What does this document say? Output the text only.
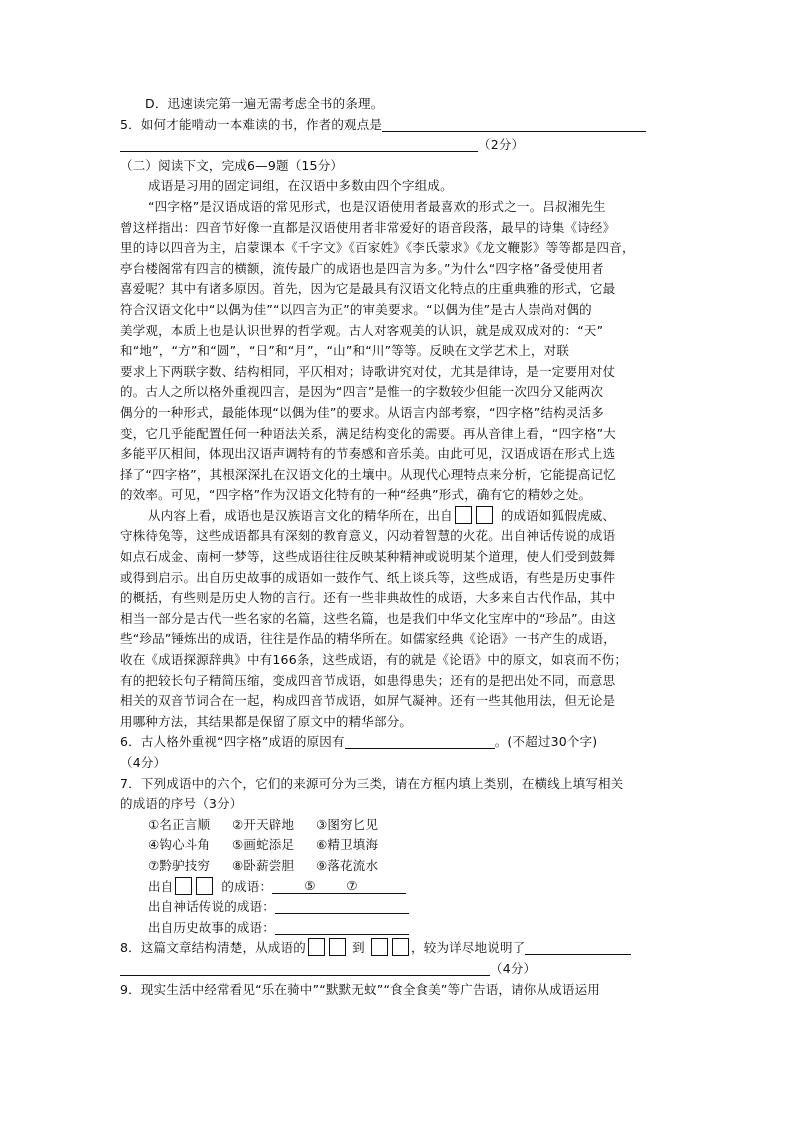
D．迅速读完第一遍无需考虑全书的条理。
5．如何才能啃动一本难读的书，作者的观点是
（2分）
（二）阅读下文，完成6—9题（15分）
成语是习用的固定词组，在汉语中多数由四个字组成。
“四字格”是汉语成语的常见形式，也是汉语使用者最喜欢的形式之一。吕叔湘先生
曾这样指出：四音节好像一直都是汉语使用者非常爱好的语音段落，最早的诗集《诗经》
里的诗以四音为主，启蒙课本《千字文》《百家姓》《李氏蒙求》《龙文鞭影》等等都是四音，
亭台楼阁常有四言的横额，流传最广的成语也是四言为多。”为什么“四字格”备受使用者
喜爱呢？其中有诸多原因。首先，因为它是最具有汉语文化特点的庄重典雅的形式，它最
符合汉语文化中“以偶为佳”“以四言为正”的审美要求。“以偶为佳”是古人崇尚对偶的
美学观，本质上也是认识世界的哲学观。古人对客观美的认识，就是成双成对的：“天”
和“地”，“方”和“圆”，“日”和“月”，“山”和“川”等等。反映在文学艺术上，对联
要求上下两联字数、结构相同，平仄相对；诗歌讲究对仗，尤其是律诗，是一定要用对仗
的。古人之所以格外重视四言，是因为“四言”是惟一的字数较少但能一次四分又能两次
偶分的一种形式，最能体现“以偶为佳”的要求。从语言内部考察，“四字格”结构灵活多
变，它几乎能配置任何一种语法关系，满足结构变化的需要。再从音律上看，“四字格”大
多能平仄相间，体现出汉语声调特有的节奏感和音乐美。由此可见，汉语成语在形式上选
择了“四字格”，其根深深扎在汉语文化的土壤中。从现代心理特点来分析，它能提高记忆
的效率。可见，“四字格”作为汉语文化特有的一种“经典”形式，确有它的精妙之处。
从内容上看，成语也是汉族语言文化的精华所在，出自	的成语如狐假虎威、
守株待兔等，这些成语都具有深刻的教育意义，闪动着智慧的火花。出自神话传说的成语
如点石成金、南柯一梦等，这些成语往往反映某种精神或说明某个道理，使人们受到鼓舞
或得到启示。出自历史故事的成语如一鼓作气、纸上谈兵等，这些成语，有些是历史事件
的概括，有些则是历史人物的言行。还有一些非典故性的成语，大多来自古代作品，其中
相当一部分是古代一些名家的名篇，这些名篇，也是我们中华文化宝库中的“珍品”。由这
些“珍品”锤炼出的成语，往往是作品的精华所在。如儒家经典《论语》一书产生的成语，
收在《成语探源辞典》中有166条，这些成语，有的就是《论语》中的原文，如哀而不伤；
有的把较长句子精简压缩，变成四音节成语，如患得患失；还有的是把出处不同，而意思
相关的双音节词合在一起，构成四音节成语，如屏气凝神。还有一些其他用法，但无论是
用哪种方法，其结果都是保留了原文中的精华部分。
6．古人格外重视“四字格”成语的原因有	。(不超过30个字)
（4分）
7．下列成语中的六个，它们的来源可分为三类，请在方框内填上类别，在横线上填写相关
的成语的序号（3分）
①名正言顺 ②开天辟地 ③图穷匕见
④钩心斗角 ⑤画蛇添足 ⑥精卫填海
⑦黔驴技穷 ⑧卧薪尝胆 ⑨落花流水
出自	的成语：	⑤ ⑦
出自神话传说的成语：
出自历史故事的成语：
8．这篇文章结构清楚，从成语的	到	，较为详尽地说明了
（4分）
9．现实生活中经常看见“乐在骑中”“默默无蚊”“食全食美”等广告语，请你从成语运用
